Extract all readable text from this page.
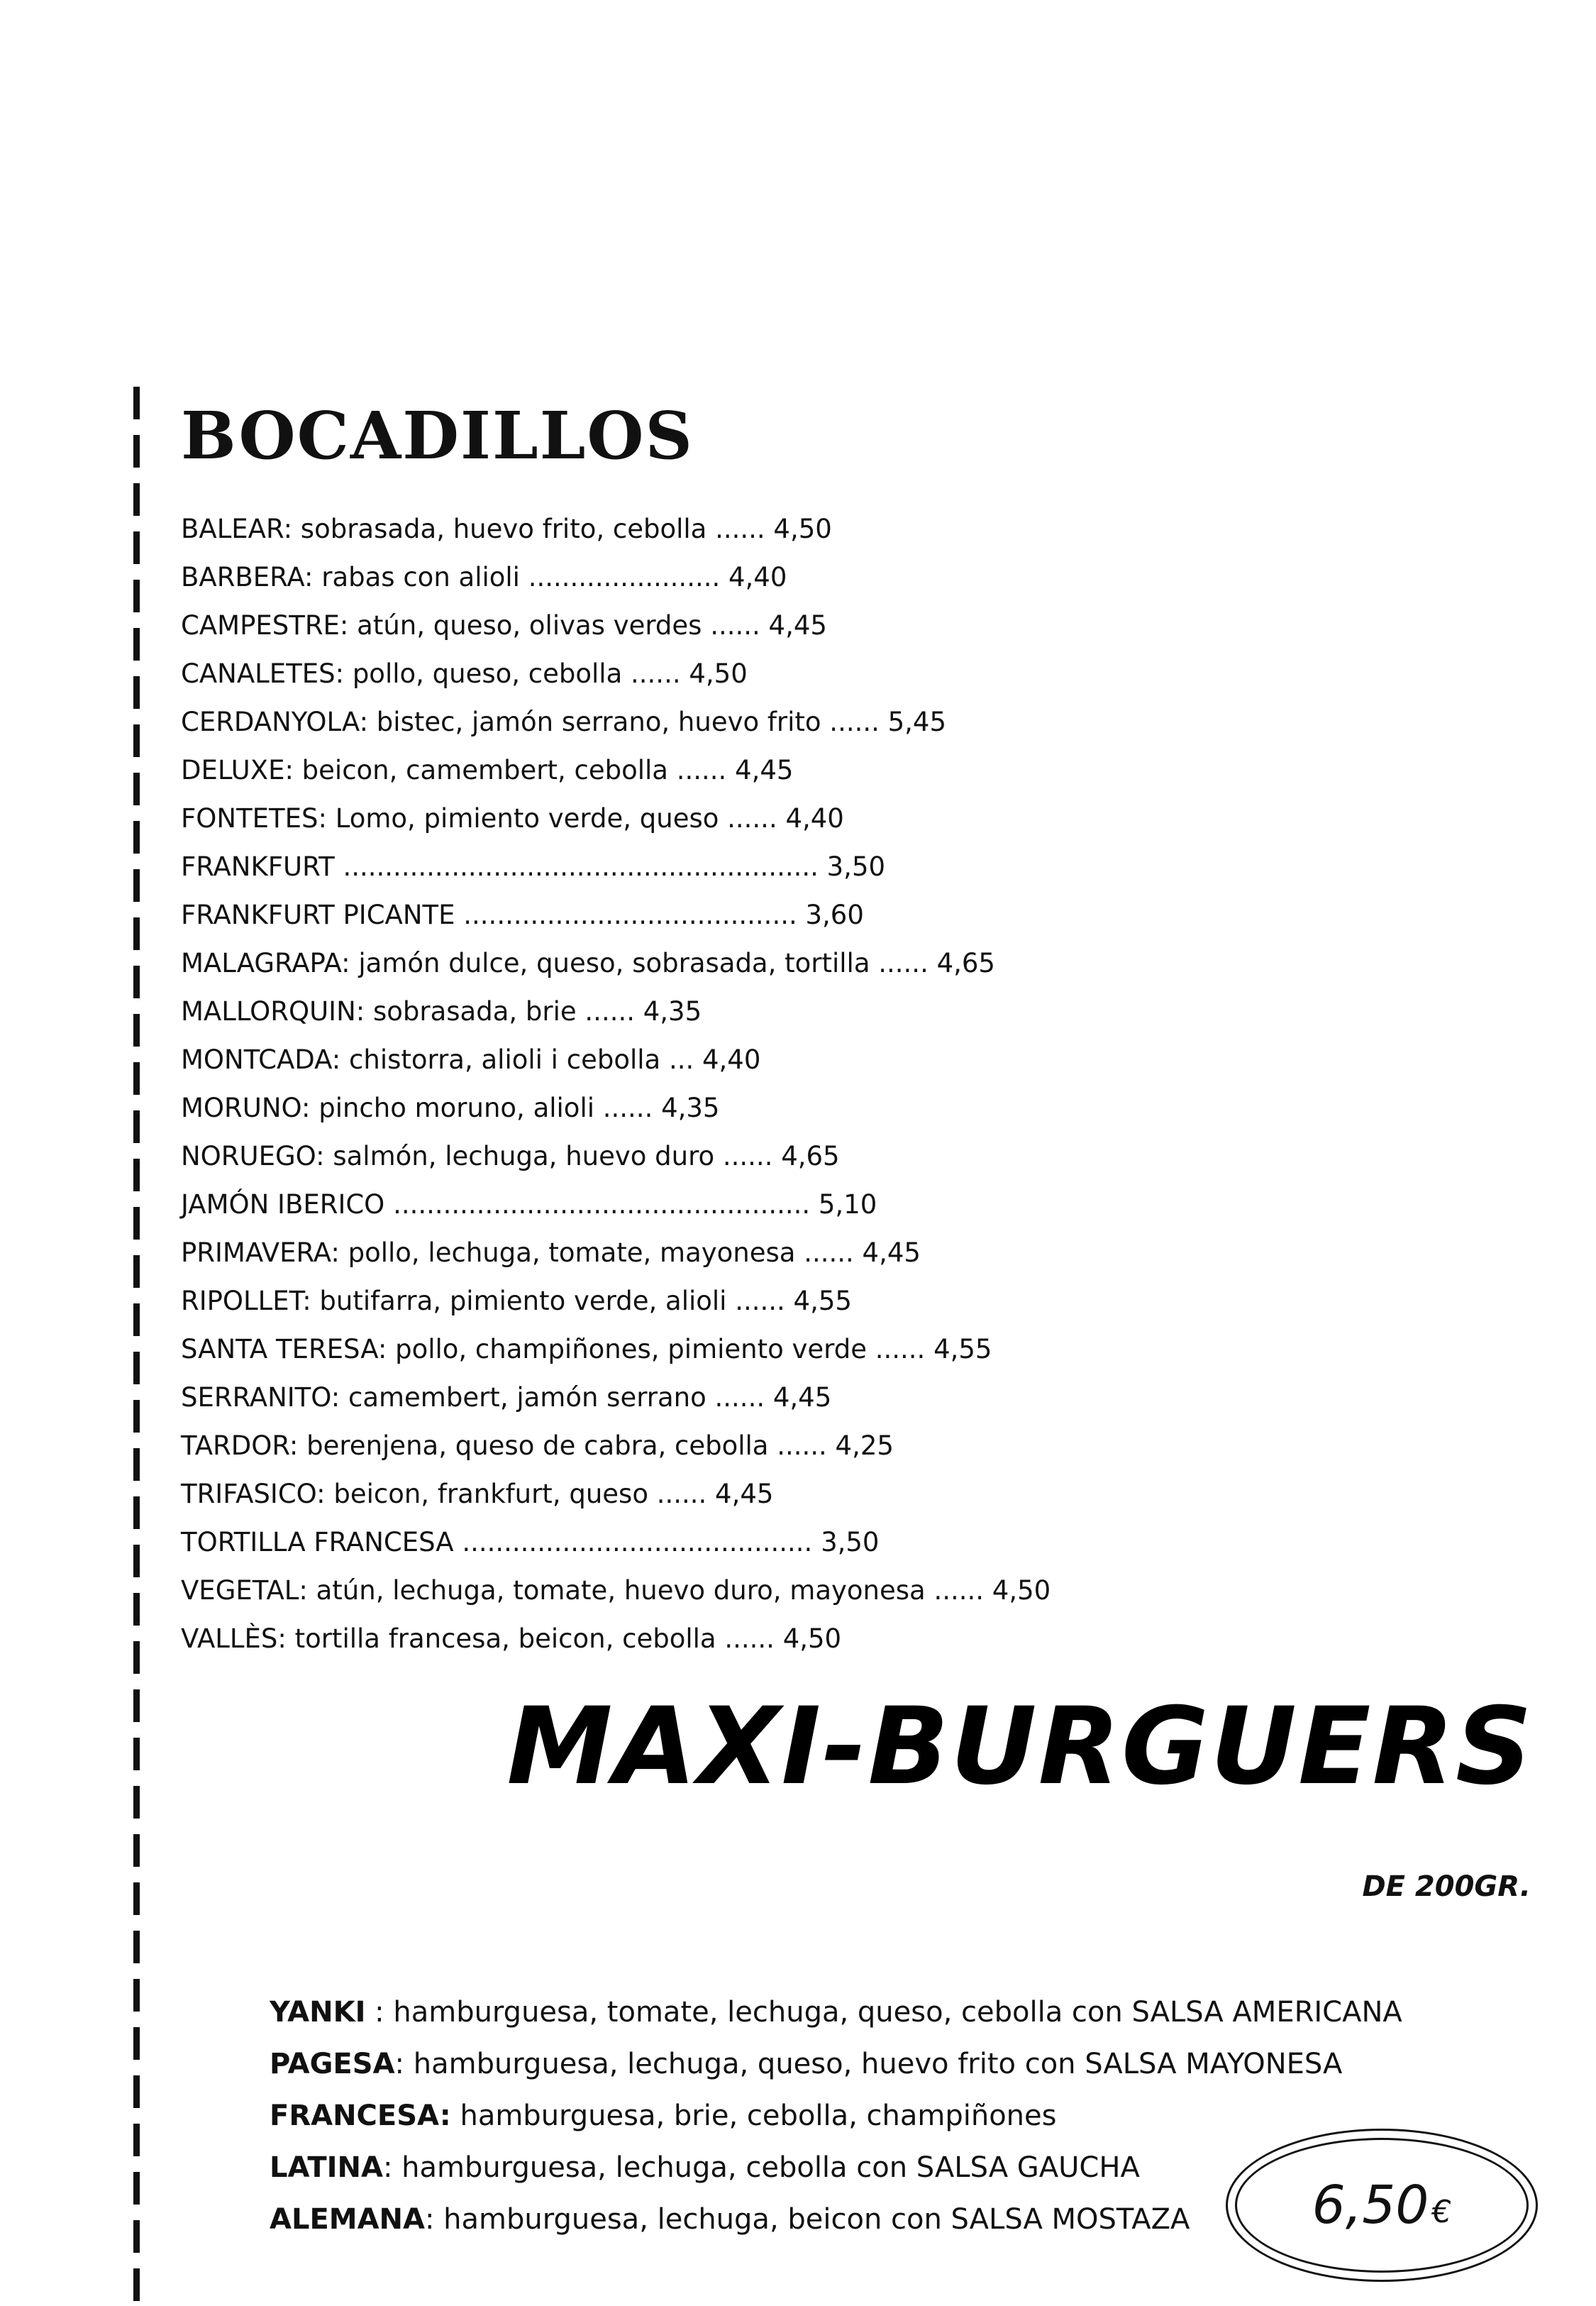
BOCADILLOS
BALEAR: sobrasada, huevo frito, cebolla ...... 4,50
BARBERA: rabas con alioli ....................... 4,40
CAMPESTRE: atún, queso, olivas verdes ...... 4,45
CANALETES: pollo, queso, cebolla ...... 4,50
CERDANYOLA: bistec, jamón serrano, huevo frito ...... 5,45
DELUXE: beicon, camembert, cebolla ...... 4,45
FONTETES: Lomo, pimiento verde, queso ...... 4,40
FRANKFURT ......................................................... 3,50
FRANKFURT PICANTE ........................................ 3,60
MALAGRAPA: jamón dulce, queso, sobrasada, tortilla ...... 4,65
MALLORQUIN: sobrasada, brie ...... 4,35
MONTCADA: chistorra, alioli i cebolla ... 4,40
MORUNO: pincho moruno, alioli ...... 4,35
NORUEGO: salmón, lechuga, huevo duro ...... 4,65
JAMÓN IBERICO .................................................. 5,10
PRIMAVERA: pollo, lechuga, tomate, mayonesa ...... 4,45
RIPOLLET: butifarra, pimiento verde, alioli ...... 4,55
SANTA TERESA: pollo, champiñones, pimiento verde ...... 4,55
SERRANITO: camembert, jamón serrano ...... 4,45
TARDOR: berenjena, queso de cabra, cebolla ...... 4,25
TRIFASICO: beicon, frankfurt, queso ...... 4,45
TORTILLA FRANCESA .......................................... 3,50
VEGETAL: atún, lechuga, tomate, huevo duro, mayonesa ...... 4,50
VALLÈS: tortilla francesa, beicon, cebolla ...... 4,50
MAXI-BURGUERS
DE 200GR.
YANKI : hamburguesa, tomate, lechuga, queso, cebolla con SALSA AMERICANA
PAGESA: hamburguesa, lechuga, queso, huevo frito con SALSA MAYONESA
FRANCESA: hamburguesa, brie, cebolla, champiñones
LATINA: hamburguesa, lechuga, cebolla con SALSA GAUCHA
ALEMANA: hamburguesa, lechuga, beicon con SALSA MOSTAZA	6,50 €
